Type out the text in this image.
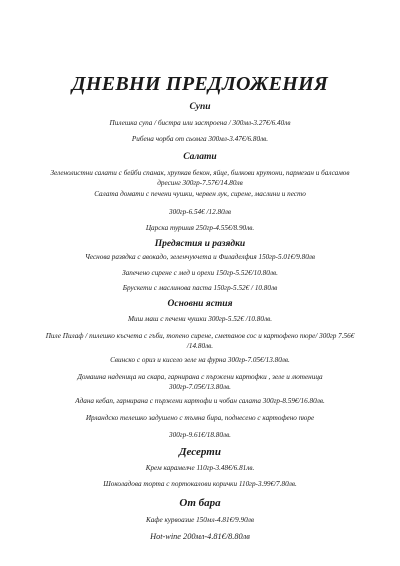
ДНЕВНИ ПРЕДЛОЖЕНИЯ
Супи
Пилешка супа / бистра или застроена / 300мл-3.27€/6.40лв
Рибена чорба от сьомга 300мл-3.47€/6.80лв.
Салати
Зеленолистни салати с бейби спанак, хрупкав бекон, яйце, билкови крутони, пармезан и балсамов дресинг 300гр-7.57€/14.80лв
Салата домати с печени чушки, червен лук, сирене, маслини и песто
300гр-6.54€ /12.80лв
Царска туршия 250гр-4.55€/8.90лв.
Предястия и разядки
Чеснова разядка с авокадо, зеленчукчета и Филаделфия 150гр-5.01€/9.80лв
Запечено сирене с мед и орехи 150гр-5.52€/10.80лв.
Брускети с маслинова паста 150гр-5.52€ / 10.80лв
Основни ястия
Миш маш с печени чушки 300гр-5.52€ /10.80лв.
Пиле Пилаф / пилешко късчета с гъби, топено сирене, сметанов сос и картофено пюре/ 300гр 7.56€ /14.80лв.
Свинско с ориз и кисело зеле на фурна 300гр-7.05€/13.80лв.
Домашна наденица на скара, гарнирана с пържени картофки , зеле и лютеница 300гр-7.05€/13.80лв.
Адана кебап, гарнирана с пържени картофи и чобан салата 300гр-8.59€/16.80лв.
Ирландско телешко задушено с тъмна бира, поднесено с картофено пюре
300гр-9.61€/18.80лв.
Десерти
Крем карамелче 110гр-3.48€/6.81лв.
Шоколадова торта с портокалови корички 110гр-3.99€/7.80лв.
От бара
Кафе курвоазие 150мл-4.81€/9.90лв
Hot-wine 200мл-4.81€/8.80лв
